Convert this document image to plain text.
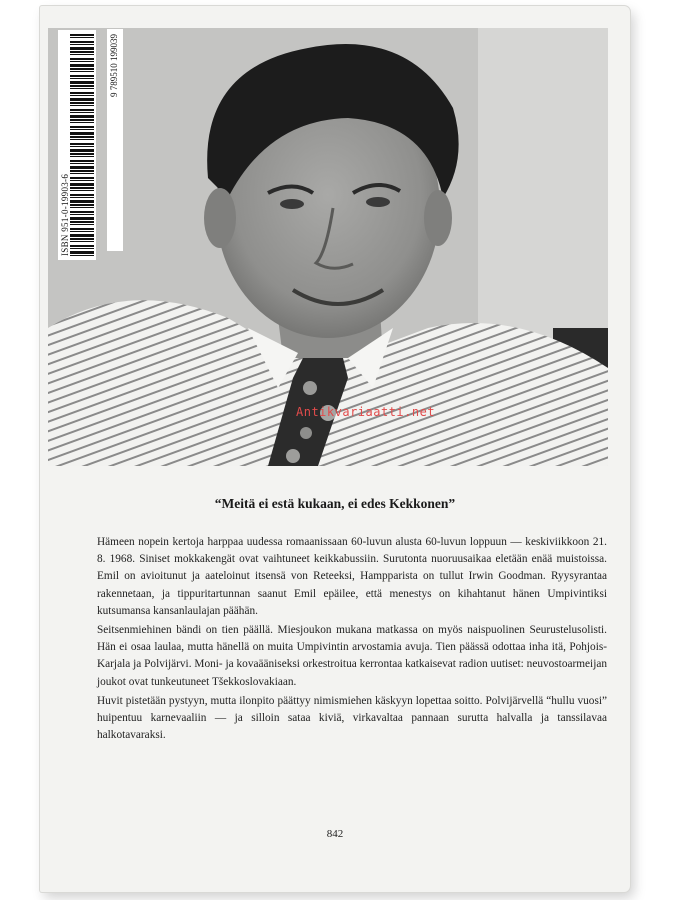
ISBN 951-0-19903-6
Antikvariaatti.net
“Meitä ei estä kukaan, ei edes Kekkonen”

Hämeen nopein kertoja harppaa uudessa romaanissaan 60-luvun alusta 60-luvun loppuun — keskiviikkoon 21. 8. 1968. Siniset mokkakengät ovat vaihtuneet keikkabussiin. Surutonta nuoruusaikaa eletään enää muistoissa. Emil on avioitunut ja aateloinut itsensä von Reteeksi, Hampparista on tullut Irwin Goodman. Ryysyrantaa rakennetaan, ja tippuritartunnan saanut Emil epäilee, että menestys on kihahtanut hänen Umpivintiksi kutsumansa kansanlaulajan päähän.

Seitsenmiehinen bändi on tien päällä. Miesjoukon mukana matkassa on myös naispuolinen Seurustelusolisti. Hän ei osaa laulaa, mutta hänellä on muita Umpivintin arvostamia avuja. Tien päässä odottaa inha itä, Pohjois-Karjala ja Polvijärvi. Moni- ja kovaääniseksi orkestroitua kerrontaa katkaisevat radion uutiset: neuvostoarmeijan joukot ovat tunkeutuneet Tšekkoslovakiaan.

Huvit pistetään pystyyn, mutta ilonpito päättyy nimismiehen käskyyn lopettaa soitto. Polvijärvellä “hullu vuosi” huipentuu karnevaaliin — ja silloin sataa kiviä, virkavaltaa pannaan surutta halvalla ja tanssilavaa halkotavaraksi.

842
9 789510 199039
